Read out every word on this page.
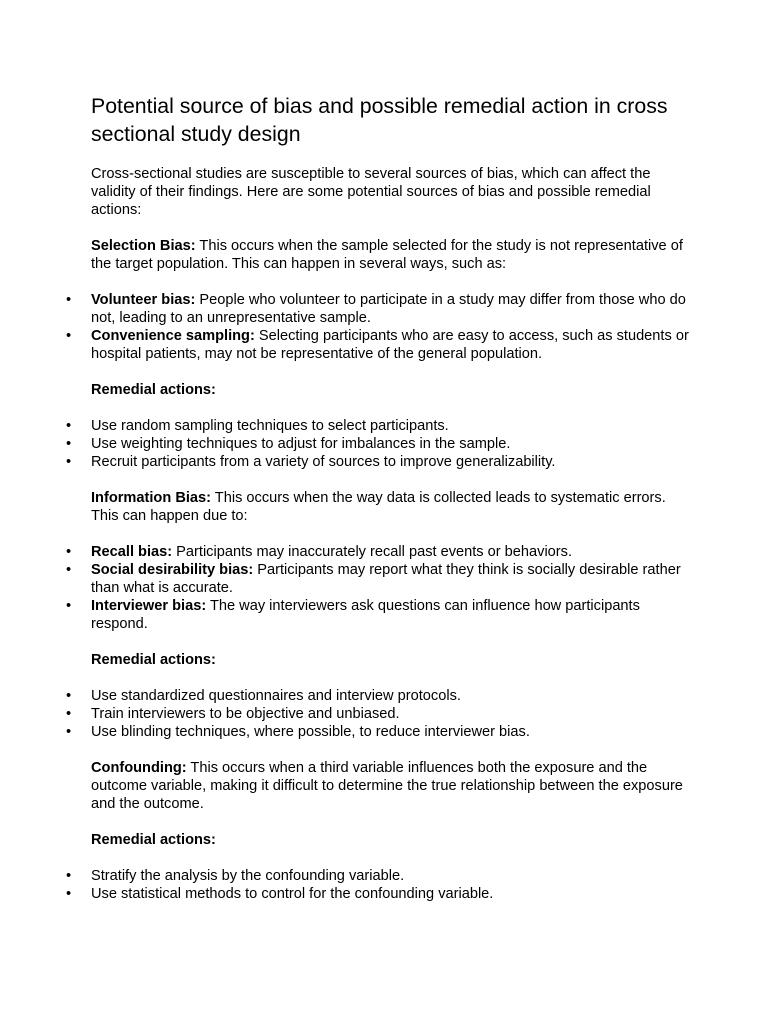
Potential source of bias and possible remedial action in cross sectional study design

Cross-sectional studies are susceptible to several sources of bias, which can affect the validity of their findings. Here are some potential sources of bias and possible remedial actions:

Selection Bias: This occurs when the sample selected for the study is not representative of the target population. This can happen in several ways, such as:

• Volunteer bias: People who volunteer to participate in a study may differ from those who do not, leading to an unrepresentative sample.
• Convenience sampling: Selecting participants who are easy to access, such as students or hospital patients, may not be representative of the general population.

Remedial actions:

• Use random sampling techniques to select participants.
• Use weighting techniques to adjust for imbalances in the sample.
• Recruit participants from a variety of sources to improve generalizability.

Information Bias: This occurs when the way data is collected leads to systematic errors. This can happen due to:

• Recall bias: Participants may inaccurately recall past events or behaviors.
• Social desirability bias: Participants may report what they think is socially desirable rather than what is accurate.
• Interviewer bias: The way interviewers ask questions can influence how participants respond.

Remedial actions:

• Use standardized questionnaires and interview protocols.
• Train interviewers to be objective and unbiased.
• Use blinding techniques, where possible, to reduce interviewer bias.

Confounding: This occurs when a third variable influences both the exposure and the outcome variable, making it difficult to determine the true relationship between the exposure and the outcome.

Remedial actions:

• Stratify the analysis by the confounding variable.
• Use statistical methods to control for the confounding variable.
